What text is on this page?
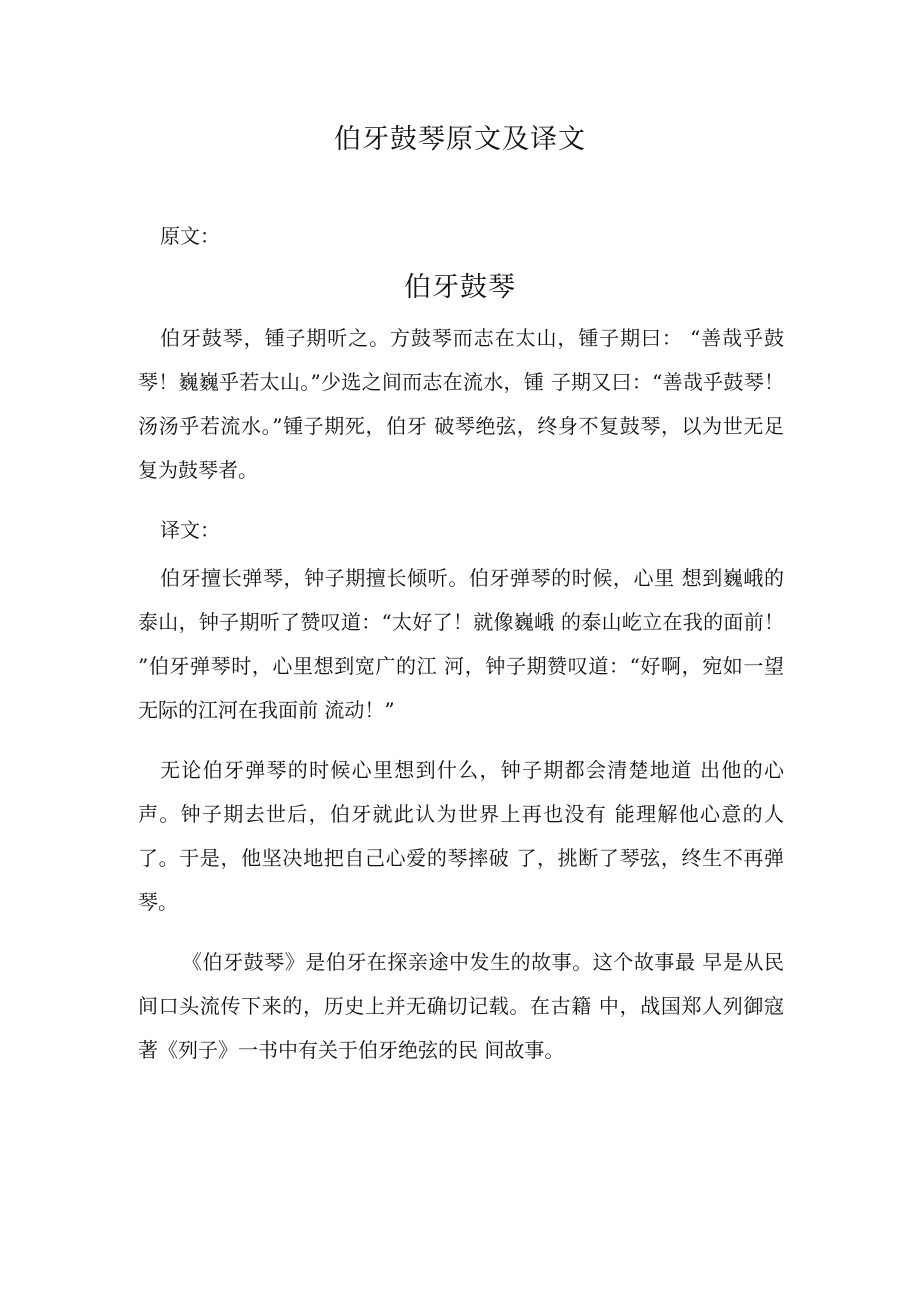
伯牙鼓琴原文及译文
原文：
伯牙鼓琴
伯牙鼓琴，锺子期听之。方鼓琴而志在太山，锺子期曰： “善哉乎鼓琴！巍巍乎若太山。”少选之间而志在流水，锺 子期又曰：“善哉乎鼓琴！汤汤乎若流水。”锺子期死，伯牙 破琴绝弦，终身不复鼓琴，以为世无足复为鼓琴者。
译文：
伯牙擅长弹琴，钟子期擅长倾听。伯牙弹琴的时候，心里 想到巍峨的泰山，钟子期听了赞叹道：“太好了！就像巍峨 的泰山屹立在我的面前！ ”伯牙弹琴时，心里想到宽广的江 河，钟子期赞叹道：“好啊，宛如一望无际的江河在我面前 流动！”
无论伯牙弹琴的时候心里想到什么，钟子期都会清楚地道 出他的心声。钟子期去世后，伯牙就此认为世界上再也没有 能理解他心意的人了。于是，他坚决地把自己心爱的琴摔破 了，挑断了琴弦，终生不再弹琴。
《伯牙鼓琴》是伯牙在探亲途中发生的故事。这个故事最 早是从民间口头流传下来的，历史上并无确切记载。在古籍 中，战国郑人列御寇著《列子》一书中有关于伯牙绝弦的民 间故事。
